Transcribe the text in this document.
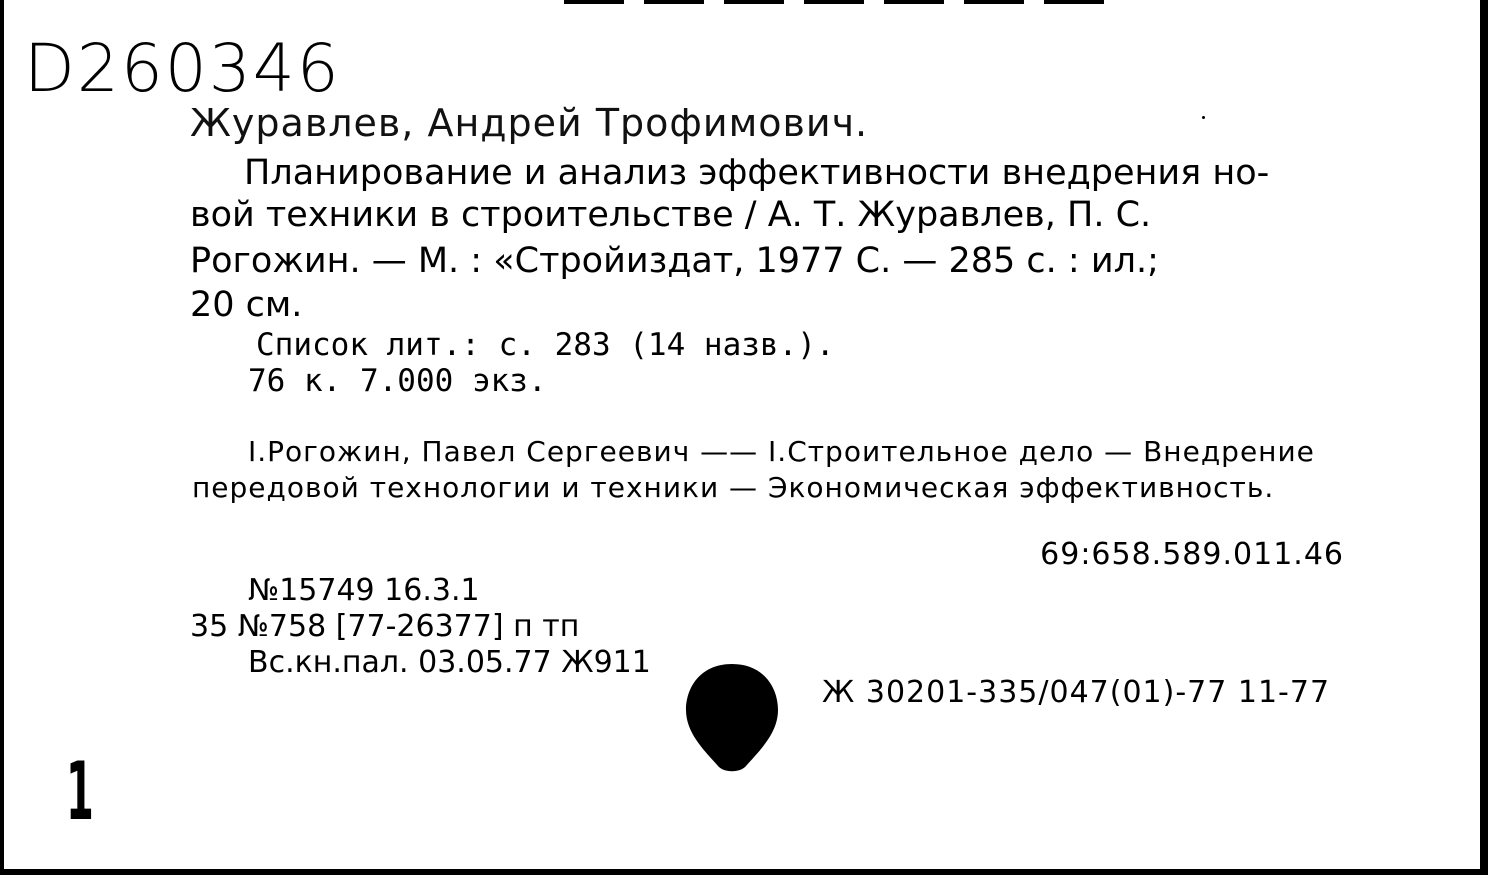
D260346
Журавлев, Андрей Трофимович.
Планирование и анализ эффективности внедрения но-
вой техники в строительстве / А. Т. Журавлев, П. С.
Рогожин. — М. : «Стройиздат, 1977 С. — 285 с. : ил.;
20 см.
Список лит.: с. 283 (14 назв.).
76 к. 7.000 экз.
I.Рогожин, Павел Сергеевич —— I.Строительное дело — Внедрение
передовой технологии и техники — Экономическая эффективность.
69:658.589.011.46
№15749 16.3.1
35 №758 [77-26377] п тп
Вс.кн.пал. 03.05.77 Ж911
Ж 30201-335/047(01)-77 11-77
1
